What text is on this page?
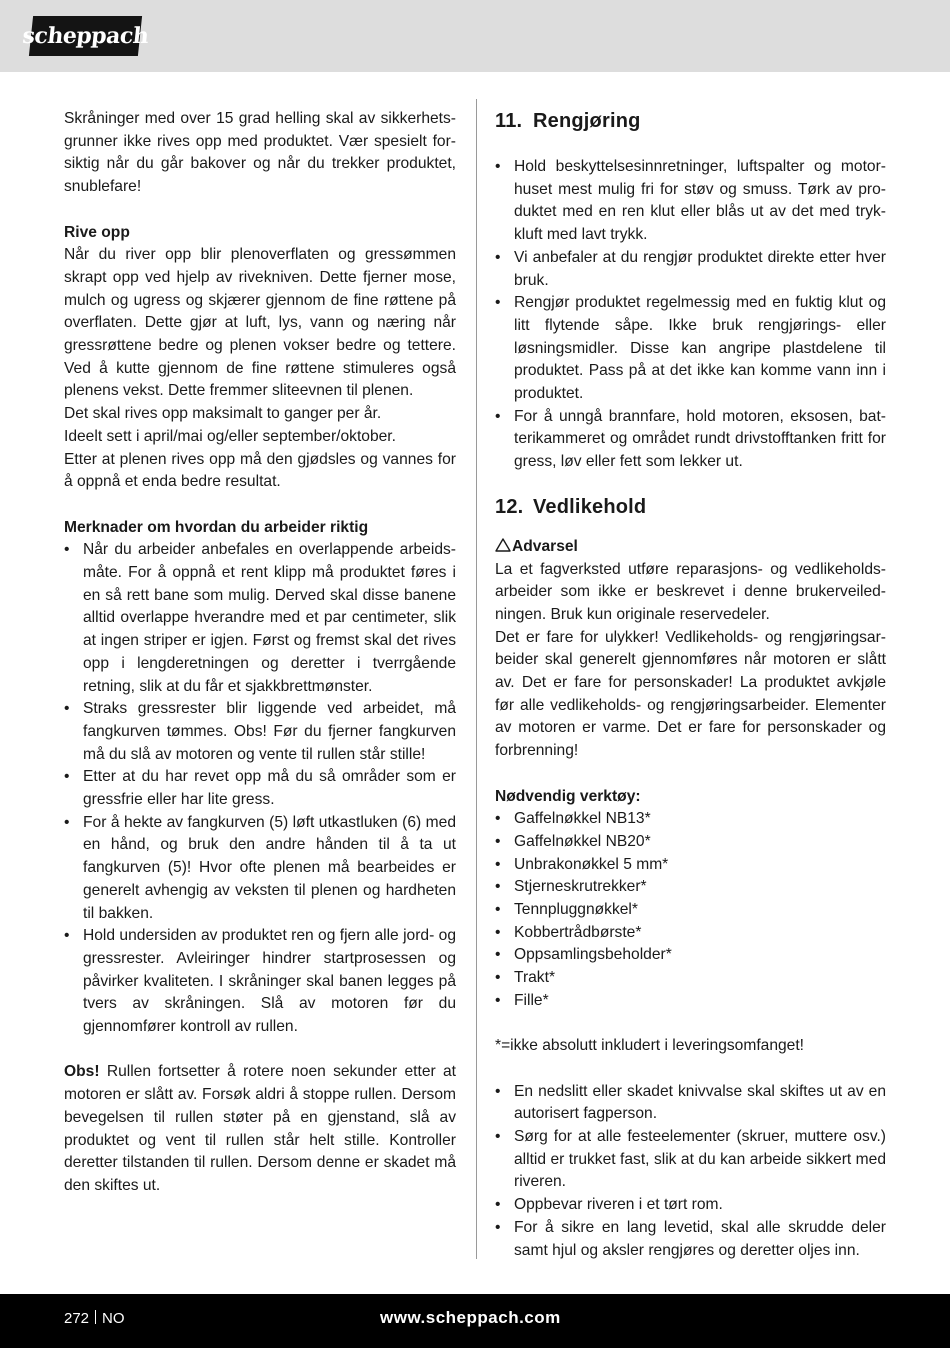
scheppach

Skråninger med over 15 grad helling skal av sikkerhetsgrunner ikke rives opp med produktet. Vær spesielt forsiktig når du går bakover og når du trekker produktet, snublefare!

Rive opp

Når du river opp blir plenoverflaten og gressømmen skrapt opp ved hjelp av rivekniven. Dette fjerner mose, mulch og ugress og skjærer gjennom de fine røttene på overflaten. Dette gjør at luft, lys, vann og næring når gressrøttene bedre og plenen vokser bedre og tettere. Ved å kutte gjennom de fine røttene stimuleres også plenens vekst. Dette fremmer sliteevnen til plenen.

Det skal rives opp maksimalt to ganger per år.

Ideelt sett i april/mai og/eller september/oktober.

Etter at plenen rives opp må den gjødsles og vannes for å oppnå et enda bedre resultat.

Merknader om hvordan du arbeider riktig
• Når du arbeider anbefales en overlappende arbeidsmåte. For å oppnå et rent klipp må produktet føres i en så rett bane som mulig. Derved skal disse banene alltid overlappe hverandre med et par centimeter, slik at ingen striper er igjen. Først og fremst skal det rives opp i lengderetningen og deretter i tverrgående retning, slik at du får et sjakkbrettmønster.
• Straks gressrester blir liggende ved arbeidet, må fangkurven tømmes. Obs! Før du fjerner fangkurven må du slå av motoren og vente til rullen står stille!
• Etter at du har revet opp må du så områder som er gressfrie eller har lite gress.
• For å hekte av fangkurven (5) løft utkastluken (6) med en hånd, og bruk den andre hånden til å ta ut fangkurven (5)! Hvor ofte plenen må bearbeides er generelt avhengig av veksten til plenen og hardheten til bakken.
• Hold undersiden av produktet ren og fjern alle jord- og gressrester. Avleiringer hindrer startprosessen og påvirker kvaliteten. I skråninger skal banen legges på tvers av skråningen. Slå av motoren før du gjennomfører kontroll av rullen.

Obs! Rullen fortsetter å rotere noen sekunder etter at motoren er slått av. Forsøk aldri å stoppe rullen. Dersom bevegelsen til rullen støter på en gjenstand, slå av produktet og vent til rullen står helt stille. Kontroller deretter tilstanden til rullen. Dersom denne er skadet må den skiftes ut.

11. Rengjøring
• Hold beskyttelsesinnretninger, luftspalter og motorhuset mest mulig fri for støv og smuss. Tørk av produktet med en ren klut eller blås ut av det med trykkluft med lavt trykk.
• Vi anbefaler at du rengjør produktet direkte etter hver bruk.
• Rengjør produktet regelmessig med en fuktig klut og litt flytende såpe. Ikke bruk rengjørings- eller løsningsmidler. Disse kan angripe plastdelene til produktet. Pass på at det ikke kan komme vann inn i produktet.
• For å unngå brannfare, hold motoren, eksosen, batterikammeret og området rundt drivstofftanken fritt for gress, løv eller fett som lekker ut.
12. Vedlikehold
Advarsel

La et fagverksted utføre reparasjons- og vedlikeholdsarbeider som ikke er beskrevet i denne brukerveiledningen. Bruk kun originale reservedeler.

Det er fare for ulykker! Vedlikeholds- og rengjøringsarbeider skal generelt gjennomføres når motoren er slått av. Det er fare for personskader! La produktet avkjøle før alle vedlikeholds- og rengjøringsarbeider. Elementer av motoren er varme. Det er fare for personskader og forbrenning!

Nødvendig verktøy:
• Gaffelnøkkel NB13*
• Gaffelnøkkel NB20*
• Unbrakonøkkel 5 mm*
• Stjerneskrutrekker*
• Tennpluggnøkkel*
• Kobbertrådbørste*
• Oppsamlingsbeholder*
• Trakt*
• Fille*

*=ikke absolutt inkludert i leveringsomfanget!

• En nedslitt eller skadet knivvalse skal skiftes ut av en autorisert fagperson.
• Sørg for at alle festeelementer (skruer, muttere osv.) alltid er trukket fast, slik at du kan arbeide sikkert med riveren.
• Oppbevar riveren i et tørt rom.
• For å sikre en lang levetid, skal alle skrudde deler samt hjul og aksler rengjøres og deretter oljes inn.
272 NO	www.scheppach.com
